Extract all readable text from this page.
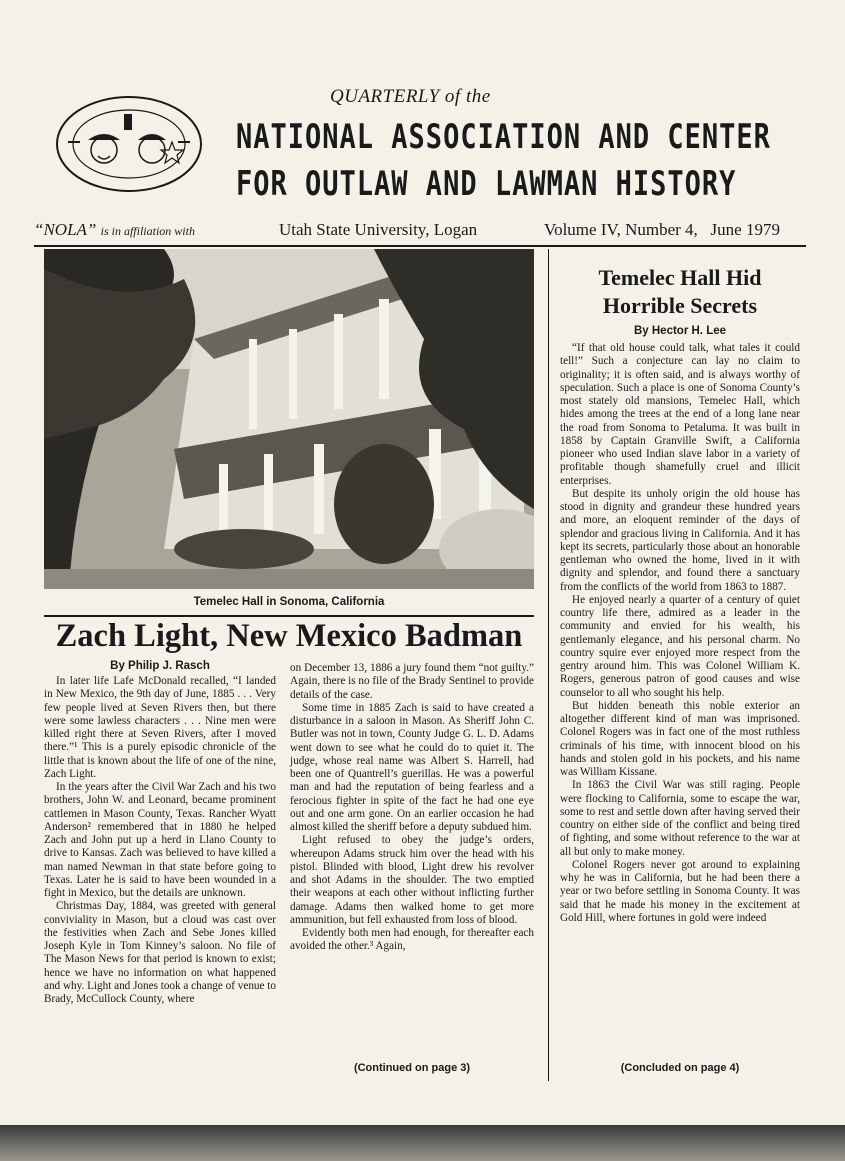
QUARTERLY of the
NATIONAL ASSOCIATION AND CENTER
FOR OUTLAW AND LAWMAN HISTORY
“NOLA” is in affiliation with	Utah State University, Logan	Volume IV, Number 4, June 1979
Temelec Hall in Sonoma, California
Zach Light, New Mexico Badman
By Philip J. Rasch

In later life Lafe McDonald recalled, “I landed in New Mexico, the 9th day of June, 1885 . . . Very few people lived at Seven Rivers then, but there were some lawless characters . . . Nine men were killed right there at Seven Rivers, after I moved there.”¹ This is a purely episodic chronicle of the little that is known about the life of one of the nine, Zach Light.

In the years after the Civil War Zach and his two brothers, John W. and Leonard, became prominent cattlemen in Mason County, Texas. Rancher Wyatt Anderson² remembered that in 1880 he helped Zach and John put up a herd in Llano County to drive to Kansas. Zach was believed to have killed a man named Newman in that state before going to Texas. Later he is said to have been wounded in a fight in Mexico, but the details are unknown.

Christmas Day, 1884, was greeted with general conviviality in Mason, but a cloud was cast over the festivities when Zach and Sebe Jones killed Joseph Kyle in Tom Kinney’s saloon. No file of The Mason News for that period is known to exist; hence we have no information on what happened and why. Light and Jones took a change of venue to Brady, McCullock County, where

on December 13, 1886 a jury found them “not guilty.” Again, there is no file of the Brady Sentinel to provide details of the case.

Some time in 1885 Zach is said to have created a disturbance in a saloon in Mason. As Sheriff John C. Butler was not in town, County Judge G. L. D. Adams went down to see what he could do to quiet it. The judge, whose real name was Albert S. Harrell, had been one of Quantrell’s guerillas. He was a powerful man and had the reputation of being fearless and a ferocious fighter in spite of the fact he had one eye out and one arm gone. On an earlier occasion he had almost killed the sheriff before a deputy subdued him.

Light refused to obey the judge’s orders, whereupon Adams struck him over the head with his pistol. Blinded with blood, Light drew his revolver and shot Adams in the shoulder. The two emptied their weapons at each other without inflicting further damage. Adams then walked home to get more ammunition, but fell exhausted from loss of blood.

Evidently both men had enough, for thereafter each avoided the other.³ Again,

(Continued on page 3)
Temelec Hall Hid Horrible Secrets
By Hector H. Lee

“If that old house could talk, what tales it could tell!” Such a conjecture can lay no claim to originality; it is often said, and is always worthy of speculation. Such a place is one of Sonoma County’s most stately old mansions, Temelec Hall, which hides among the trees at the end of a long lane near the road from Sonoma to Petaluma. It was built in 1858 by Captain Granville Swift, a California pioneer who used Indian slave labor in a variety of profitable though shamefully cruel and illicit enterprises.

But despite its unholy origin the old house has stood in dignity and grandeur these hundred years and more, an eloquent reminder of the days of splendor and gracious living in California. And it has kept its secrets, particularly those about an honorable gentleman who owned the home, lived in it with dignity and splendor, and found there a sanctuary from the conflicts of the world from 1863 to 1887.

He enjoyed nearly a quarter of a century of quiet country life there, admired as a leader in the community and envied for his wealth, his gentlemanly elegance, and his personal charm. No country squire ever enjoyed more respect from the gentry around him. This was Colonel William K. Rogers, generous patron of good causes and wise counselor to all who sought his help.

But hidden beneath this noble exterior an altogether different kind of man was imprisoned. Colonel Rogers was in fact one of the most ruthless criminals of his time, with innocent blood on his hands and stolen gold in his pockets, and his name was William Kissane.

In 1863 the Civil War was still raging. People were flocking to California, some to escape the war, some to rest and settle down after having served their country on either side of the conflict and being tired of fighting, and some without reference to the war at all but only to make money.

Colonel Rogers never got around to explaining why he was in California, but he had been there a year or two before settling in Sonoma County. It was said that he made his money in the excitement at Gold Hill, where fortunes in gold were indeed

(Concluded on page 4)
